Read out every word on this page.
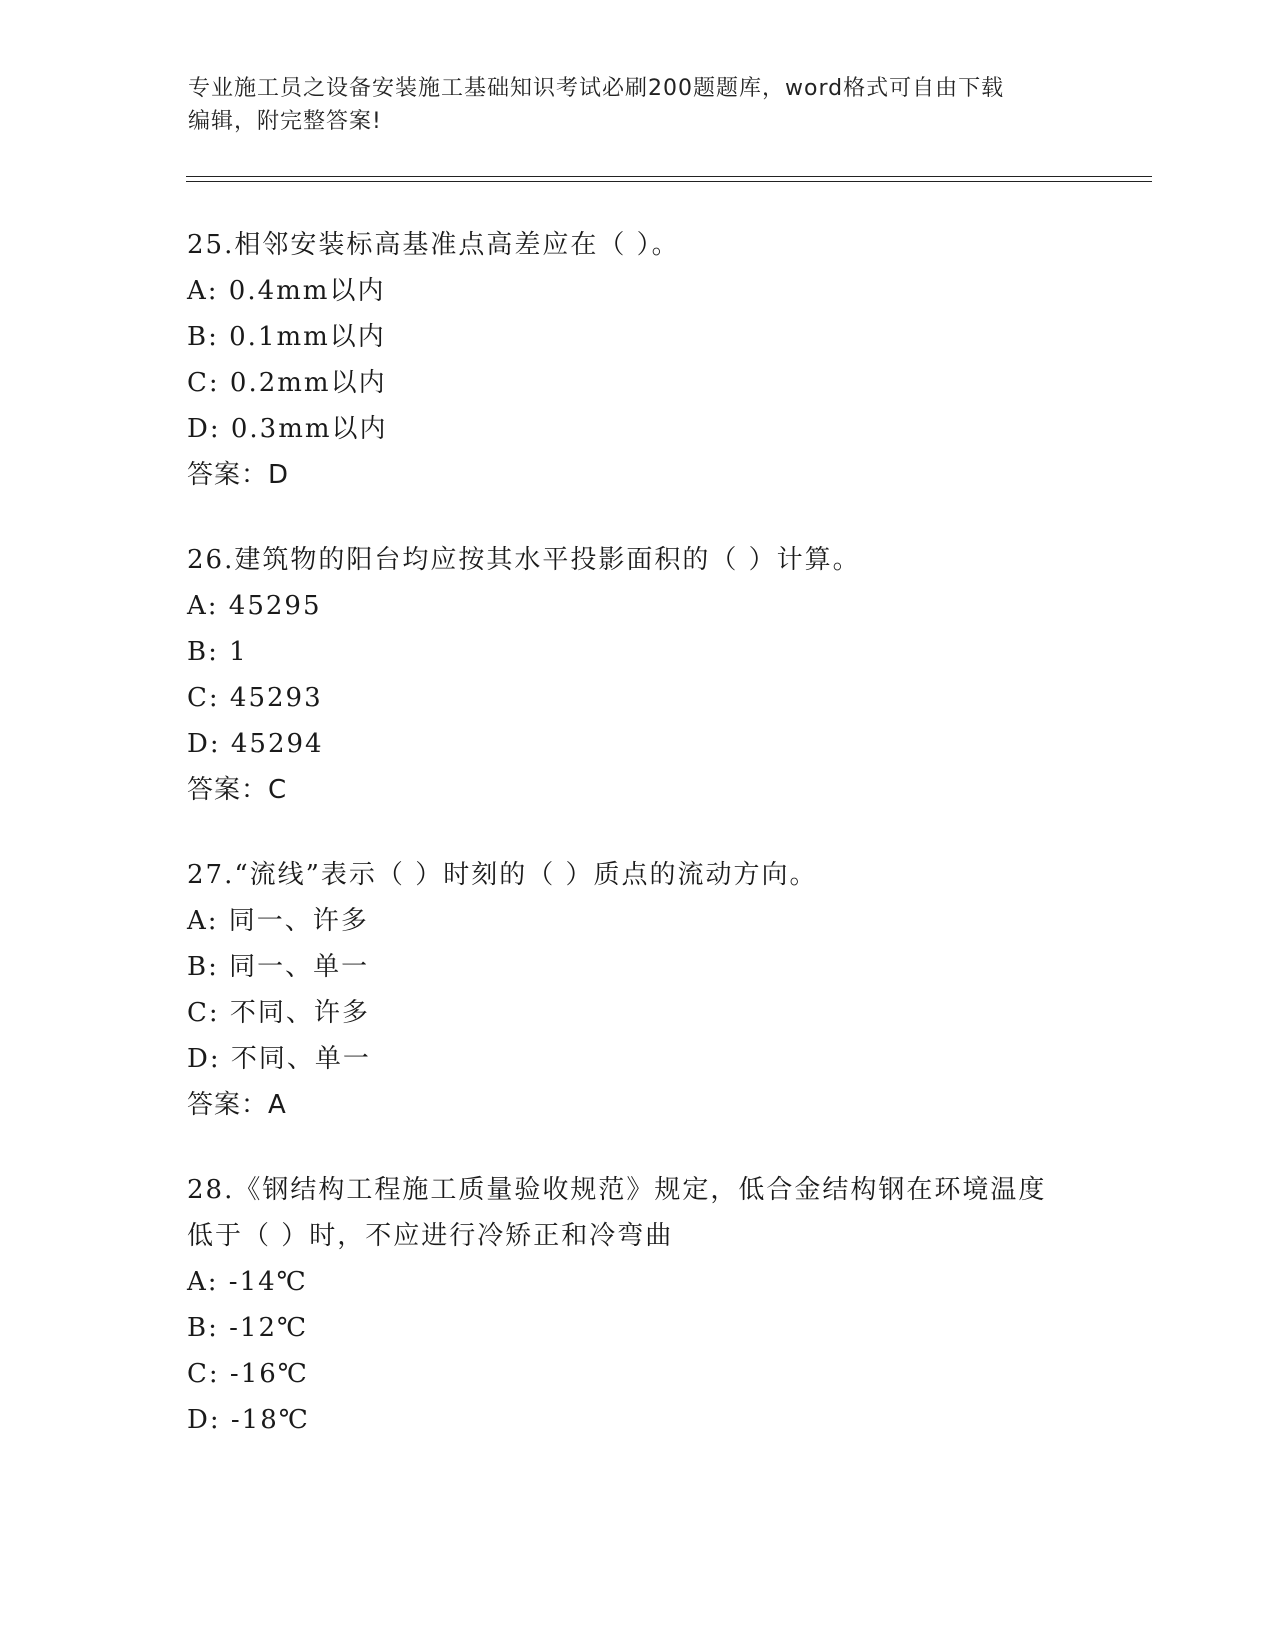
专业施工员之设备安装施工基础知识考试必刷200题题库，word格式可自由下载
编辑，附完整答案!
25.相邻安装标高基准点高差应在（ ）。
A: 0.4mm以内
B: 0.1mm以内
C: 0.2mm以内
D: 0.3mm以内
答案：D
26.建筑物的阳台均应按其水平投影面积的（ ）计算。
A: 45295
B: 1
C: 45293
D: 45294
答案：C
27.“流线”表示（ ）时刻的（ ）质点的流动方向。
A: 同一、许多
B: 同一、单一
C: 不同、许多
D: 不同、单一
答案：A
28.《钢结构工程施工质量验收规范》规定，低合金结构钢在环境温度
低于（ ）时，不应进行冷矫正和冷弯曲
A: -14℃
B: -12℃
C: -16℃
D: -18℃
